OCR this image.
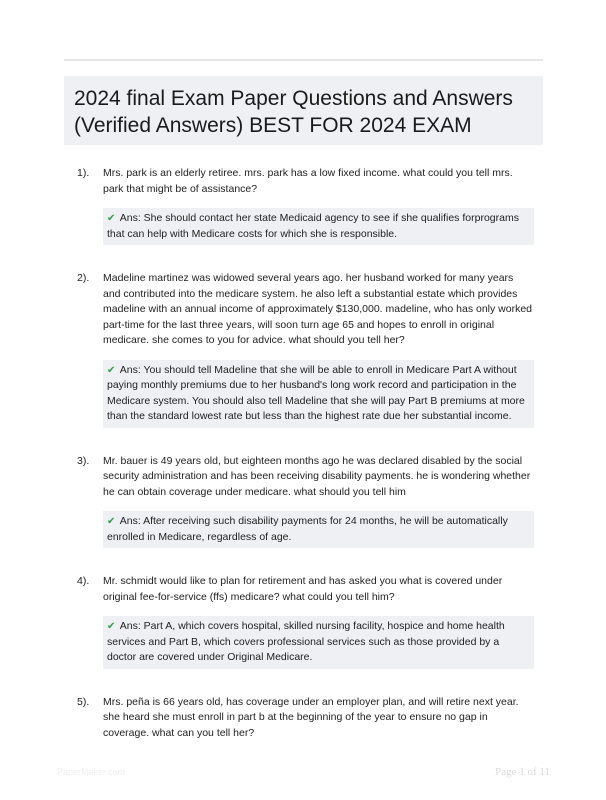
2024 final Exam Paper Questions and Answers
(Verified Answers) BEST FOR 2024 EXAM
1). Mrs. park is an elderly retiree. mrs. park has a low fixed income. what could you tell mrs. park that might be of assistance?
✔ Ans: She should contact her state Medicaid agency to see if she qualifies forprograms that can help with Medicare costs for which she is responsible.
2). Madeline martinez was widowed several years ago. her husband worked for many years and contributed into the medicare system. he also left a substantial estate which provides madeline with an annual income of approximately $130,000. madeline, who has only worked part-time for the last three years, will soon turn age 65 and hopes to enroll in original medicare. she comes to you for advice. what should you tell her?
✔ Ans: You should tell Madeline that she will be able to enroll in Medicare Part A without paying monthly premiums due to her husband's long work record and participation in the Medicare system. You should also tell Madeline that she will pay Part B premiums at more than the standard lowest rate but less than the highest rate due her substantial income.
3). Mr. bauer is 49 years old, but eighteen months ago he was declared disabled by the social security administration and has been receiving disability payments. he is wondering whether he can obtain coverage under medicare. what should you tell him
✔ Ans: After receiving such disability payments for 24 months, he will be automatically enrolled in Medicare, regardless of age.
4). Mr. schmidt would like to plan for retirement and has asked you what is covered under original fee-for-service (ffs) medicare? what could you tell him?
✔ Ans: Part A, which covers hospital, skilled nursing facility, hospice and home health services and Part B, which covers professional services such as those provided by a doctor are covered under Original Medicare.
5). Mrs. peña is 66 years old, has coverage under an employer plan, and will retire next year. she heard she must enroll in part b at the beginning of the year to ensure no gap in coverage. what can you tell her?
PaperMaker.com	Page 1 of 11
